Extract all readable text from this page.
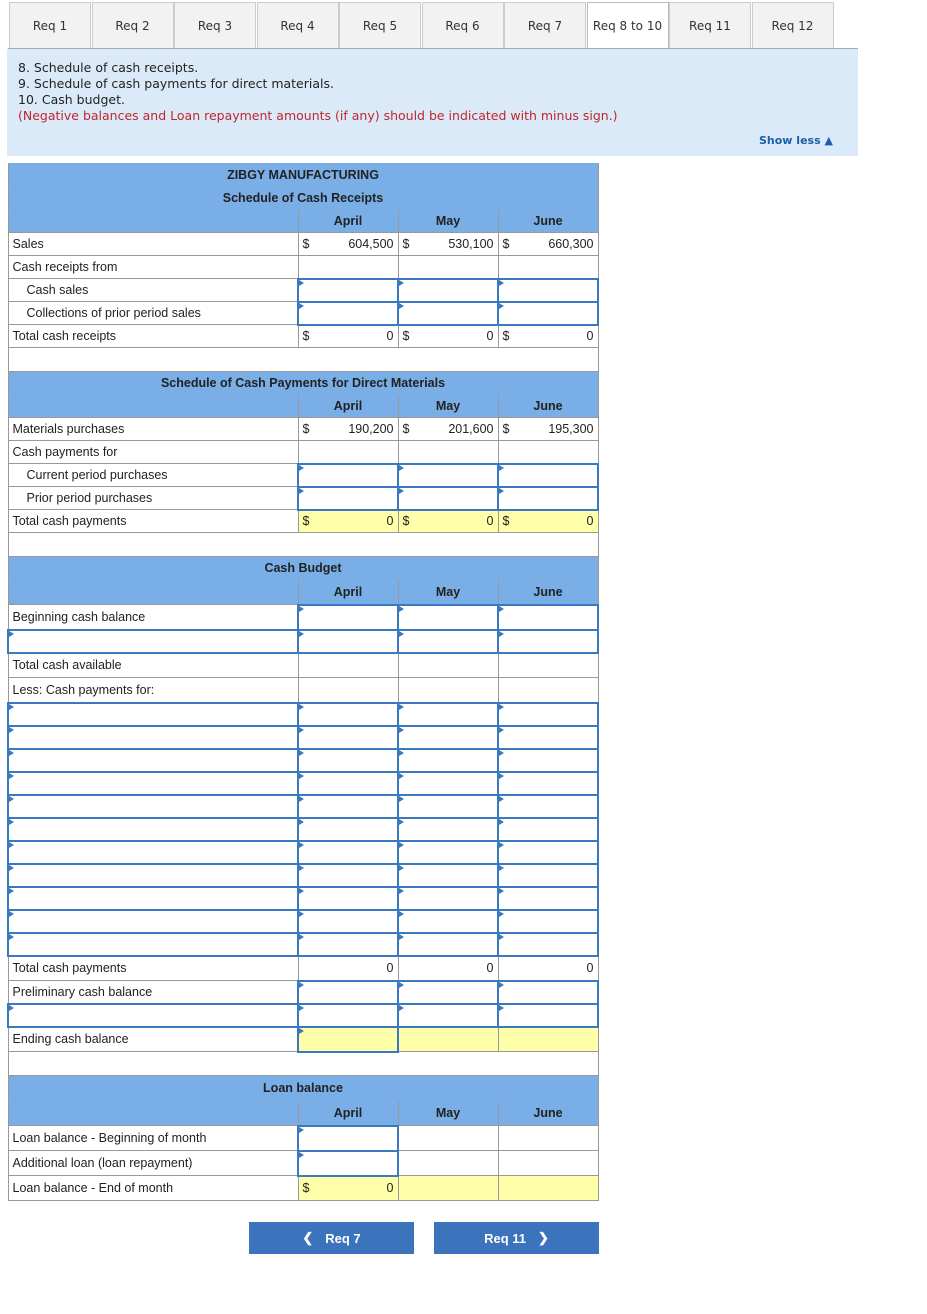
Req 1	Req 2	Req 3	Req 4	Req 5	Req 6	Req 7	Req 8 to 10	Req 11	Req 12
8. Schedule of cash receipts.
9. Schedule of cash payments for direct materials.
10. Cash budget.
(Negative balances and Loan repayment amounts (if any) should be indicated with minus sign.)
Show less ▲
ZIBGY MANUFACTURING			
Schedule of Cash Receipts			
	April	May	June
Sales	$ 604,500	$ 530,100	$ 660,300

Cash receipts from			
Cash sales			
Collections of prior period sales			
Total cash receipts	$ 0	$ 0	$ 0

Schedule of Cash Payments for Direct Materials			
	April	May	June
Materials purchases	$ 190,200	$ 201,600	$ 195,300

Cash payments for			
Current period purchases			
Prior period purchases			
Total cash payments	$ 0	$ 0	$ 0

Cash Budget			
	April	May	June
Beginning cash balance			

Total cash available			
Less: Cash payments for:			

Total cash payments	0	0	0
Preliminary cash balance			

Ending cash balance			

Loan balance			
	April	May	June
Loan balance - Beginning of month			
Additional loan (loan repayment)			
Loan balance - End of month	$ 0		

❮ Req 7	Req 11 ❯
